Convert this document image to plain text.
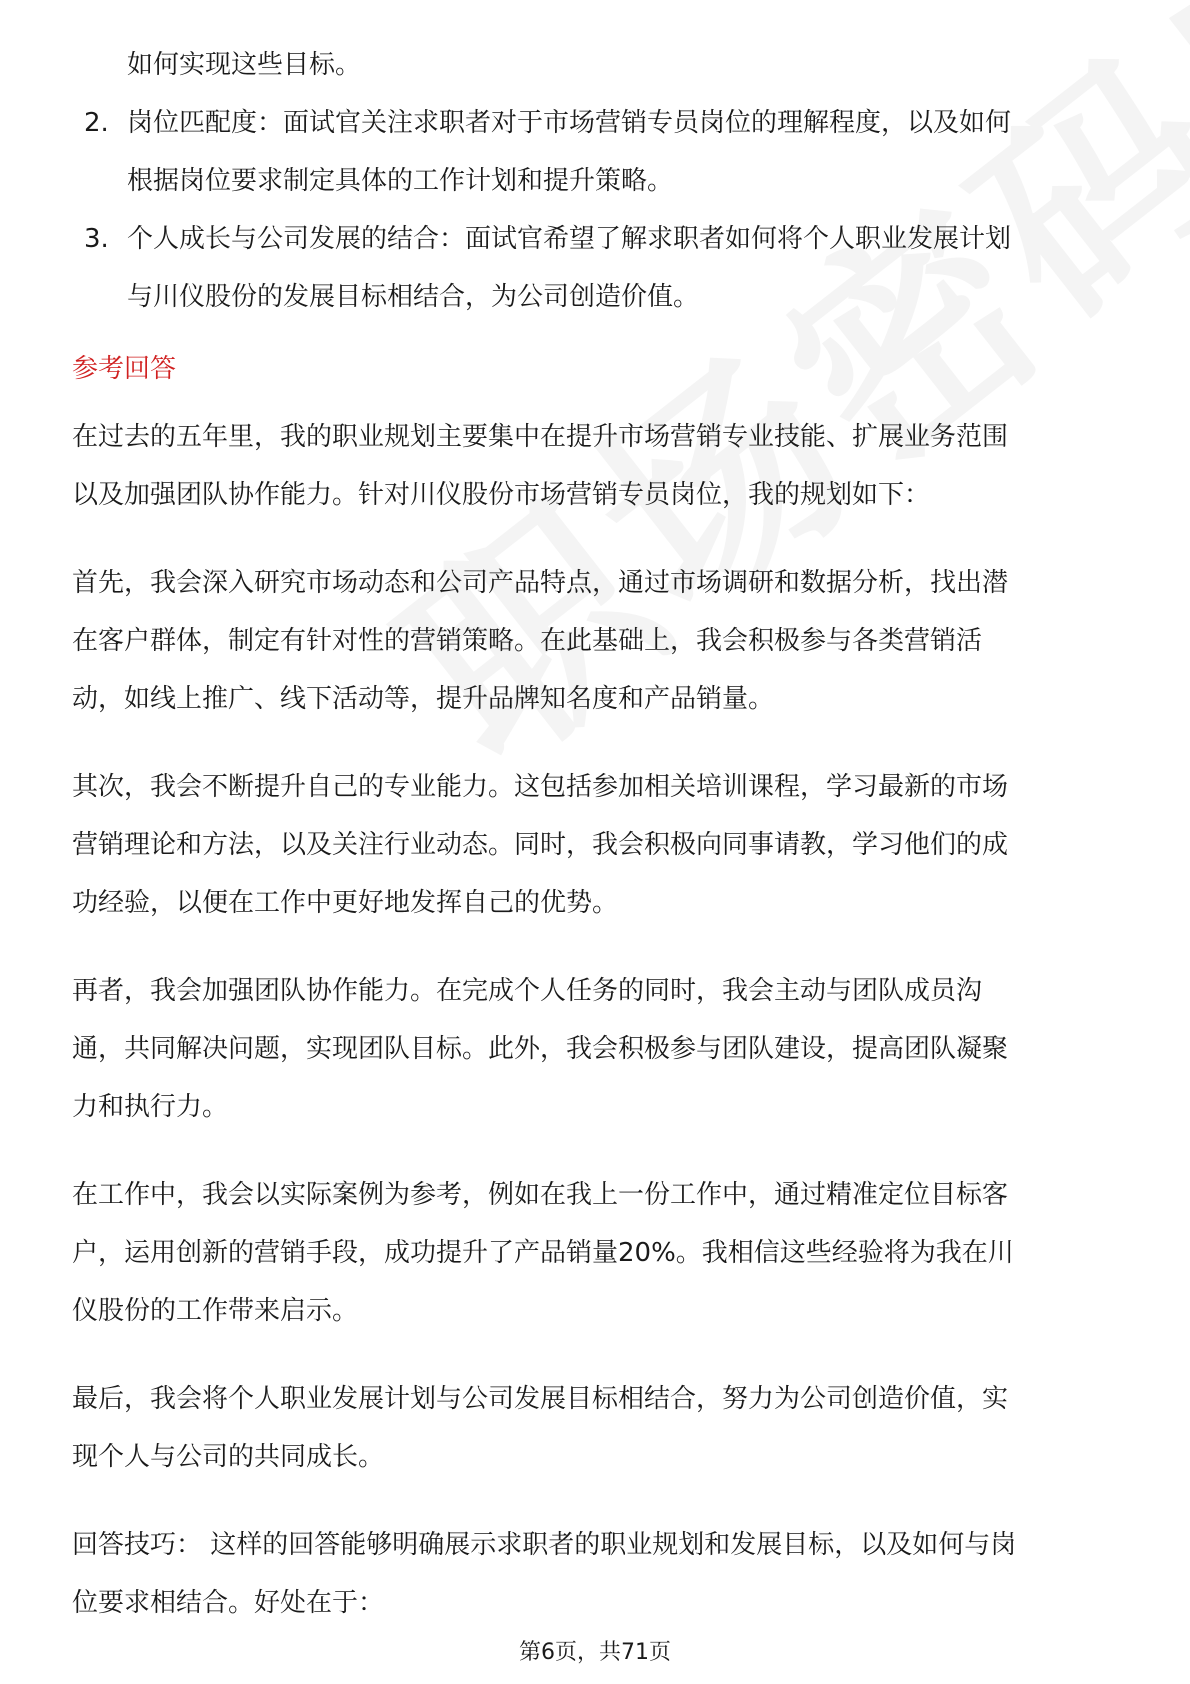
如何实现这些目标。

2. 岗位匹配度：面试官关注求职者对于市场营销专员岗位的理解程度，以及如何

根据岗位要求制定具体的工作计划和提升策略。

3. 个人成长与公司发展的结合：面试官希望了解求职者如何将个人职业发展计划

与川仪股份的发展目标相结合，为公司创造价值。

参考回答

在过去的五年里，我的职业规划主要集中在提升市场营销专业技能、扩展业务范围

以及加强团队协作能力。针对川仪股份市场营销专员岗位，我的规划如下：

首先，我会深入研究市场动态和公司产品特点，通过市场调研和数据分析，找出潜

在客户群体，制定有针对性的营销策略。在此基础上，我会积极参与各类营销活

动，如线上推广、线下活动等，提升品牌知名度和产品销量。

其次，我会不断提升自己的专业能力。这包括参加相关培训课程，学习最新的市场

营销理论和方法，以及关注行业动态。同时，我会积极向同事请教，学习他们的成

功经验，以便在工作中更好地发挥自己的优势。

再者，我会加强团队协作能力。在完成个人任务的同时，我会主动与团队成员沟

通，共同解决问题，实现团队目标。此外，我会积极参与团队建设，提高团队凝聚

力和执行力。

在工作中，我会以实际案例为参考，例如在我上一份工作中，通过精准定位目标客

户，运用创新的营销手段，成功提升了产品销量20%。我相信这些经验将为我在川

仪股份的工作带来启示。

最后，我会将个人职业发展计划与公司发展目标相结合，努力为公司创造价值，实

现个人与公司的共同成长。

回答技巧： 这样的回答能够明确展示求职者的职业规划和发展目标，以及如何与岗

位要求相结合。好处在于：

第6页，共71页
